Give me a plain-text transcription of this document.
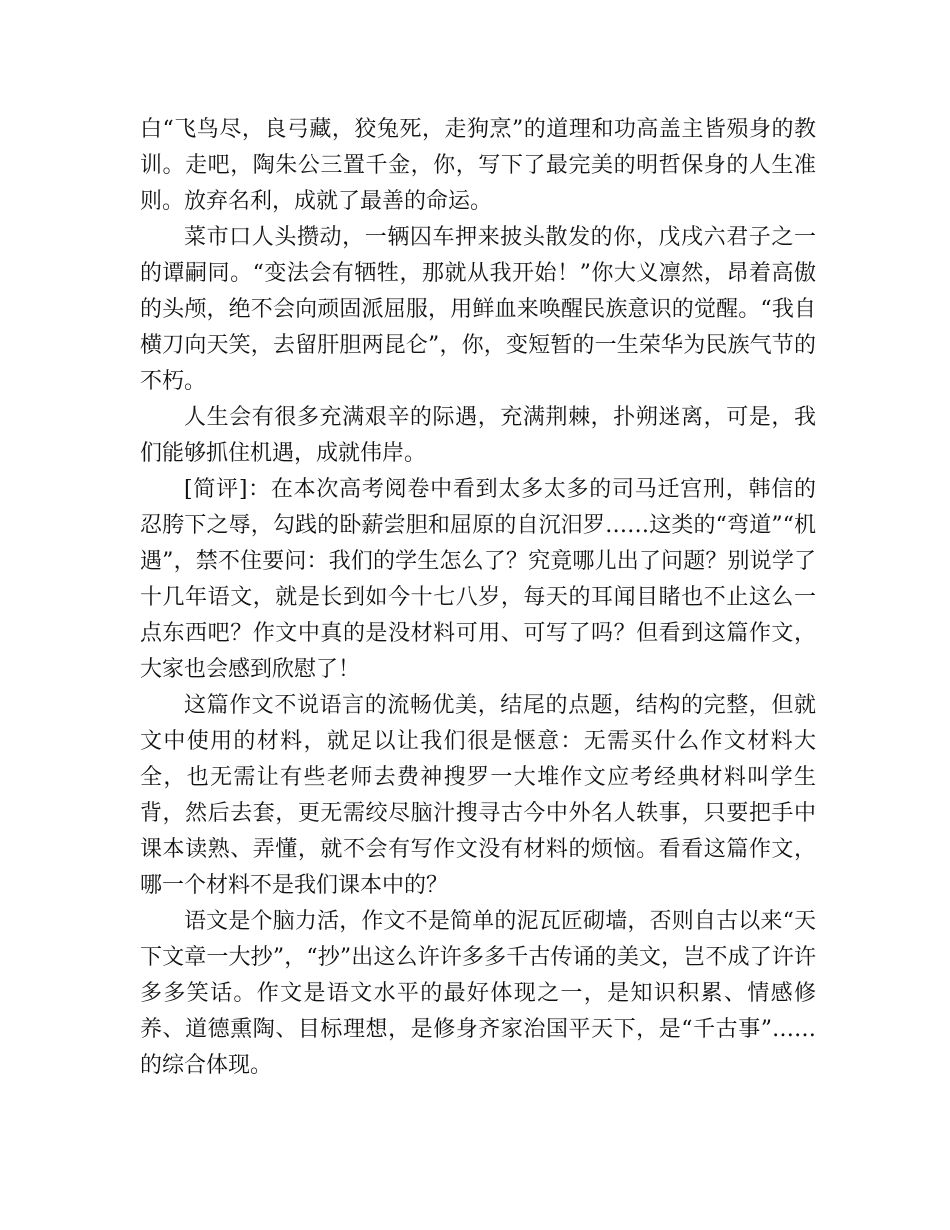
白“飞鸟尽，良弓藏，狡兔死，走狗烹”的道理和功高盖主皆殒身的教训。走吧，陶朱公三置千金，你，写下了最完美的明哲保身的人生准则。放弃名利，成就了最善的命运。

菜市口人头攒动，一辆囚车押来披头散发的你，戊戌六君子之一的谭嗣同。“变法会有牺牲，那就从我开始！”你大义凛然，昂着高傲的头颅，绝不会向顽固派屈服，用鲜血来唤醒民族意识的觉醒。“我自横刀向天笑，去留肝胆两昆仑”，你，变短暂的一生荣华为民族气节的不朽。

人生会有很多充满艰辛的际遇，充满荆棘，扑朔迷离，可是，我们能够抓住机遇，成就伟岸。

[简评]：在本次高考阅卷中看到太多太多的司马迁宫刑，韩信的忍胯下之辱，勾践的卧薪尝胆和屈原的自沉汨罗……这类的“弯道”“机遇”，禁不住要问：我们的学生怎么了？究竟哪儿出了问题？别说学了十几年语文，就是长到如今十七八岁，每天的耳闻目睹也不止这么一点东西吧？作文中真的是没材料可用、可写了吗？但看到这篇作文，大家也会感到欣慰了！

这篇作文不说语言的流畅优美，结尾的点题，结构的完整，但就文中使用的材料，就足以让我们很是惬意：无需买什么作文材料大全，也无需让有些老师去费神搜罗一大堆作文应考经典材料叫学生背，然后去套，更无需绞尽脑汁搜寻古今中外名人轶事，只要把手中课本读熟、弄懂，就不会有写作文没有材料的烦恼。看看这篇作文，哪一个材料不是我们课本中的？

语文是个脑力活，作文不是简单的泥瓦匠砌墙，否则自古以来“天下文章一大抄”，“抄”出这么许许多多千古传诵的美文，岂不成了许许多多笑话。作文是语文水平的最好体现之一，是知识积累、情感修养、道德熏陶、目标理想，是修身齐家治国平天下，是“千古事”……的综合体现。
